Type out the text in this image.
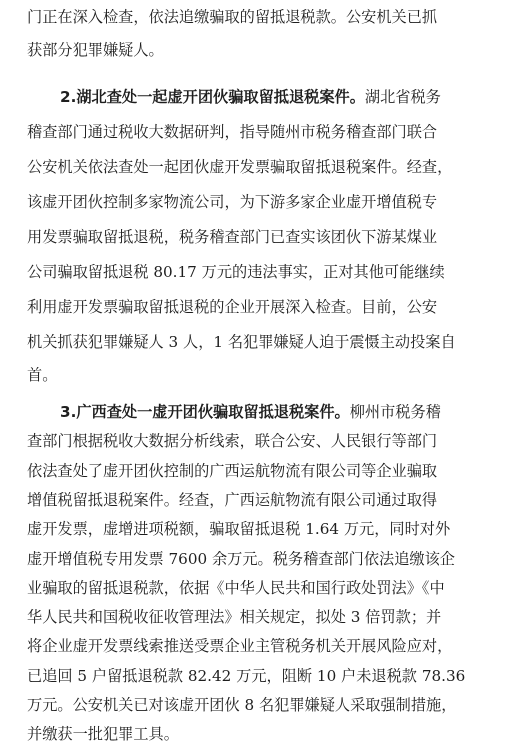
门正在深入检查，依法追缴骗取的留抵退税款。公安机关已抓
获部分犯罪嫌疑人。
2.湖北查处一起虚开团伙骗取留抵退税案件。湖北省税务
稽查部门通过税收大数据研判，指导随州市税务稽查部门联合
公安机关依法查处一起团伙虚开发票骗取留抵退税案件。经查，
该虚开团伙控制多家物流公司，为下游多家企业虚开增值税专
用发票骗取留抵退税，税务稽查部门已查实该团伙下游某煤业
公司骗取留抵退税 80.17 万元的违法事实，正对其他可能继续
利用虚开发票骗取留抵退税的企业开展深入检查。目前，公安
机关抓获犯罪嫌疑人 3 人，1 名犯罪嫌疑人迫于震慑主动投案自
首。
3.广西查处一虚开团伙骗取留抵退税案件。柳州市税务稽
查部门根据税收大数据分析线索，联合公安、人民银行等部门
依法查处了虚开团伙控制的广西运航物流有限公司等企业骗取
增值税留抵退税案件。经查，广西运航物流有限公司通过取得
虚开发票，虚增进项税额，骗取留抵退税 1.64 万元，同时对外
虚开增值税专用发票 7600 余万元。税务稽查部门依法追缴该企
业骗取的留抵退税款，依据《中华人民共和国行政处罚法》《中
华人民共和国税收征收管理法》相关规定，拟处 3 倍罚款；并
将企业虚开发票线索推送受票企业主管税务机关开展风险应对，
已追回 5 户留抵退税款 82.42 万元，阻断 10 户未退税款 78.36
万元。公安机关已对该虚开团伙 8 名犯罪嫌疑人采取强制措施，
并缴获一批犯罪工具。
